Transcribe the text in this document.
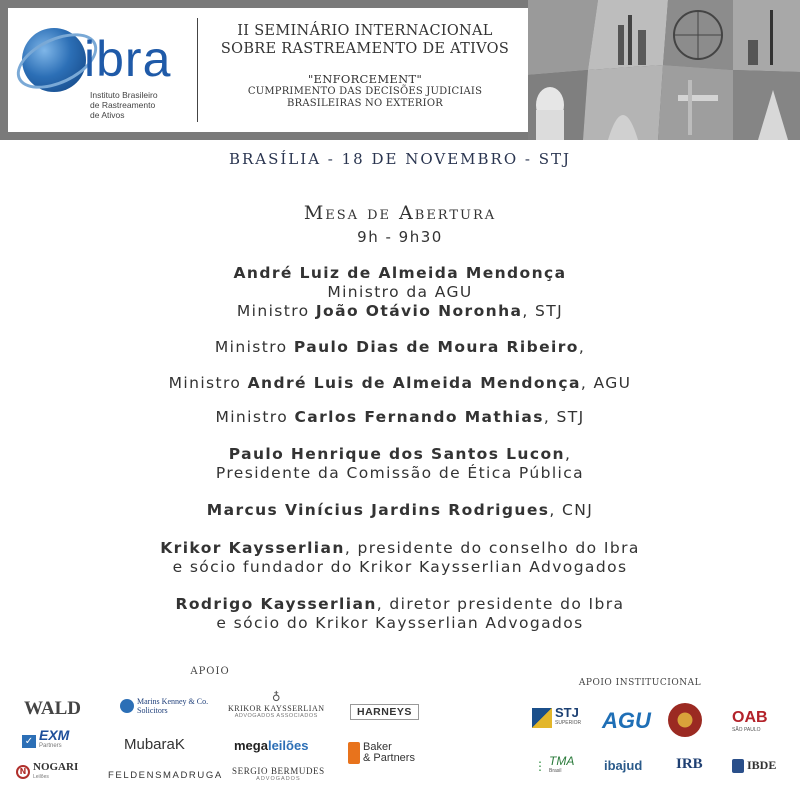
ibra
Instituto Brasileiro
de Rastreamento
de Ativos
II SEMINÁRIO INTERNACIONAL
SOBRE RASTREAMENTO DE ATIVOS
"ENFORCEMENT"
CUMPRIMENTO DAS DECISÕES JUDICIAIS
BRASILEIRAS NO EXTERIOR
BRASÍLIA - 18 DE NOVEMBRO - STJ
Mesa de Abertura
9h - 9h30
André Luiz de Almeida Mendonça
Ministro da AGU
Ministro João Otávio Noronha, STJ
Ministro Paulo Dias de Moura Ribeiro,
Ministro André Luis de Almeida Mendonça, AGU
Ministro Carlos Fernando Mathias, STJ
Paulo Henrique dos Santos Lucon,
Presidente da Comissão de Ética Pública
Marcus Vinícius Jardins Rodrigues, CNJ
Krikor Kaysserlian, presidente do conselho do Ibra
e sócio fundador do Krikor Kaysserlian Advogados
Rodrigo Kaysserlian, diretor presidente do Ibra
e sócio do Krikor Kaysserlian Advogados
APOIO
WALD	Marins Kenney & Co.
Solicitors
♁
KRIKOR KAYSSERLIAN
ADVOGADOS ASSOCIADOS	HARNEYS
✓ EXM
Partners	MubaraK	mega leilões	Baker
& Partners
N NOGARI
Leilões	FELDENSMADRUGA SERGIO BERMUDES
ADVOGADOS
APOIO INSTITUCIONAL
STJ
SUPERIOR AGU	OAB
SÃO PAULO
⋮ TMA
Brasil	ibajud IRB	IBDE
